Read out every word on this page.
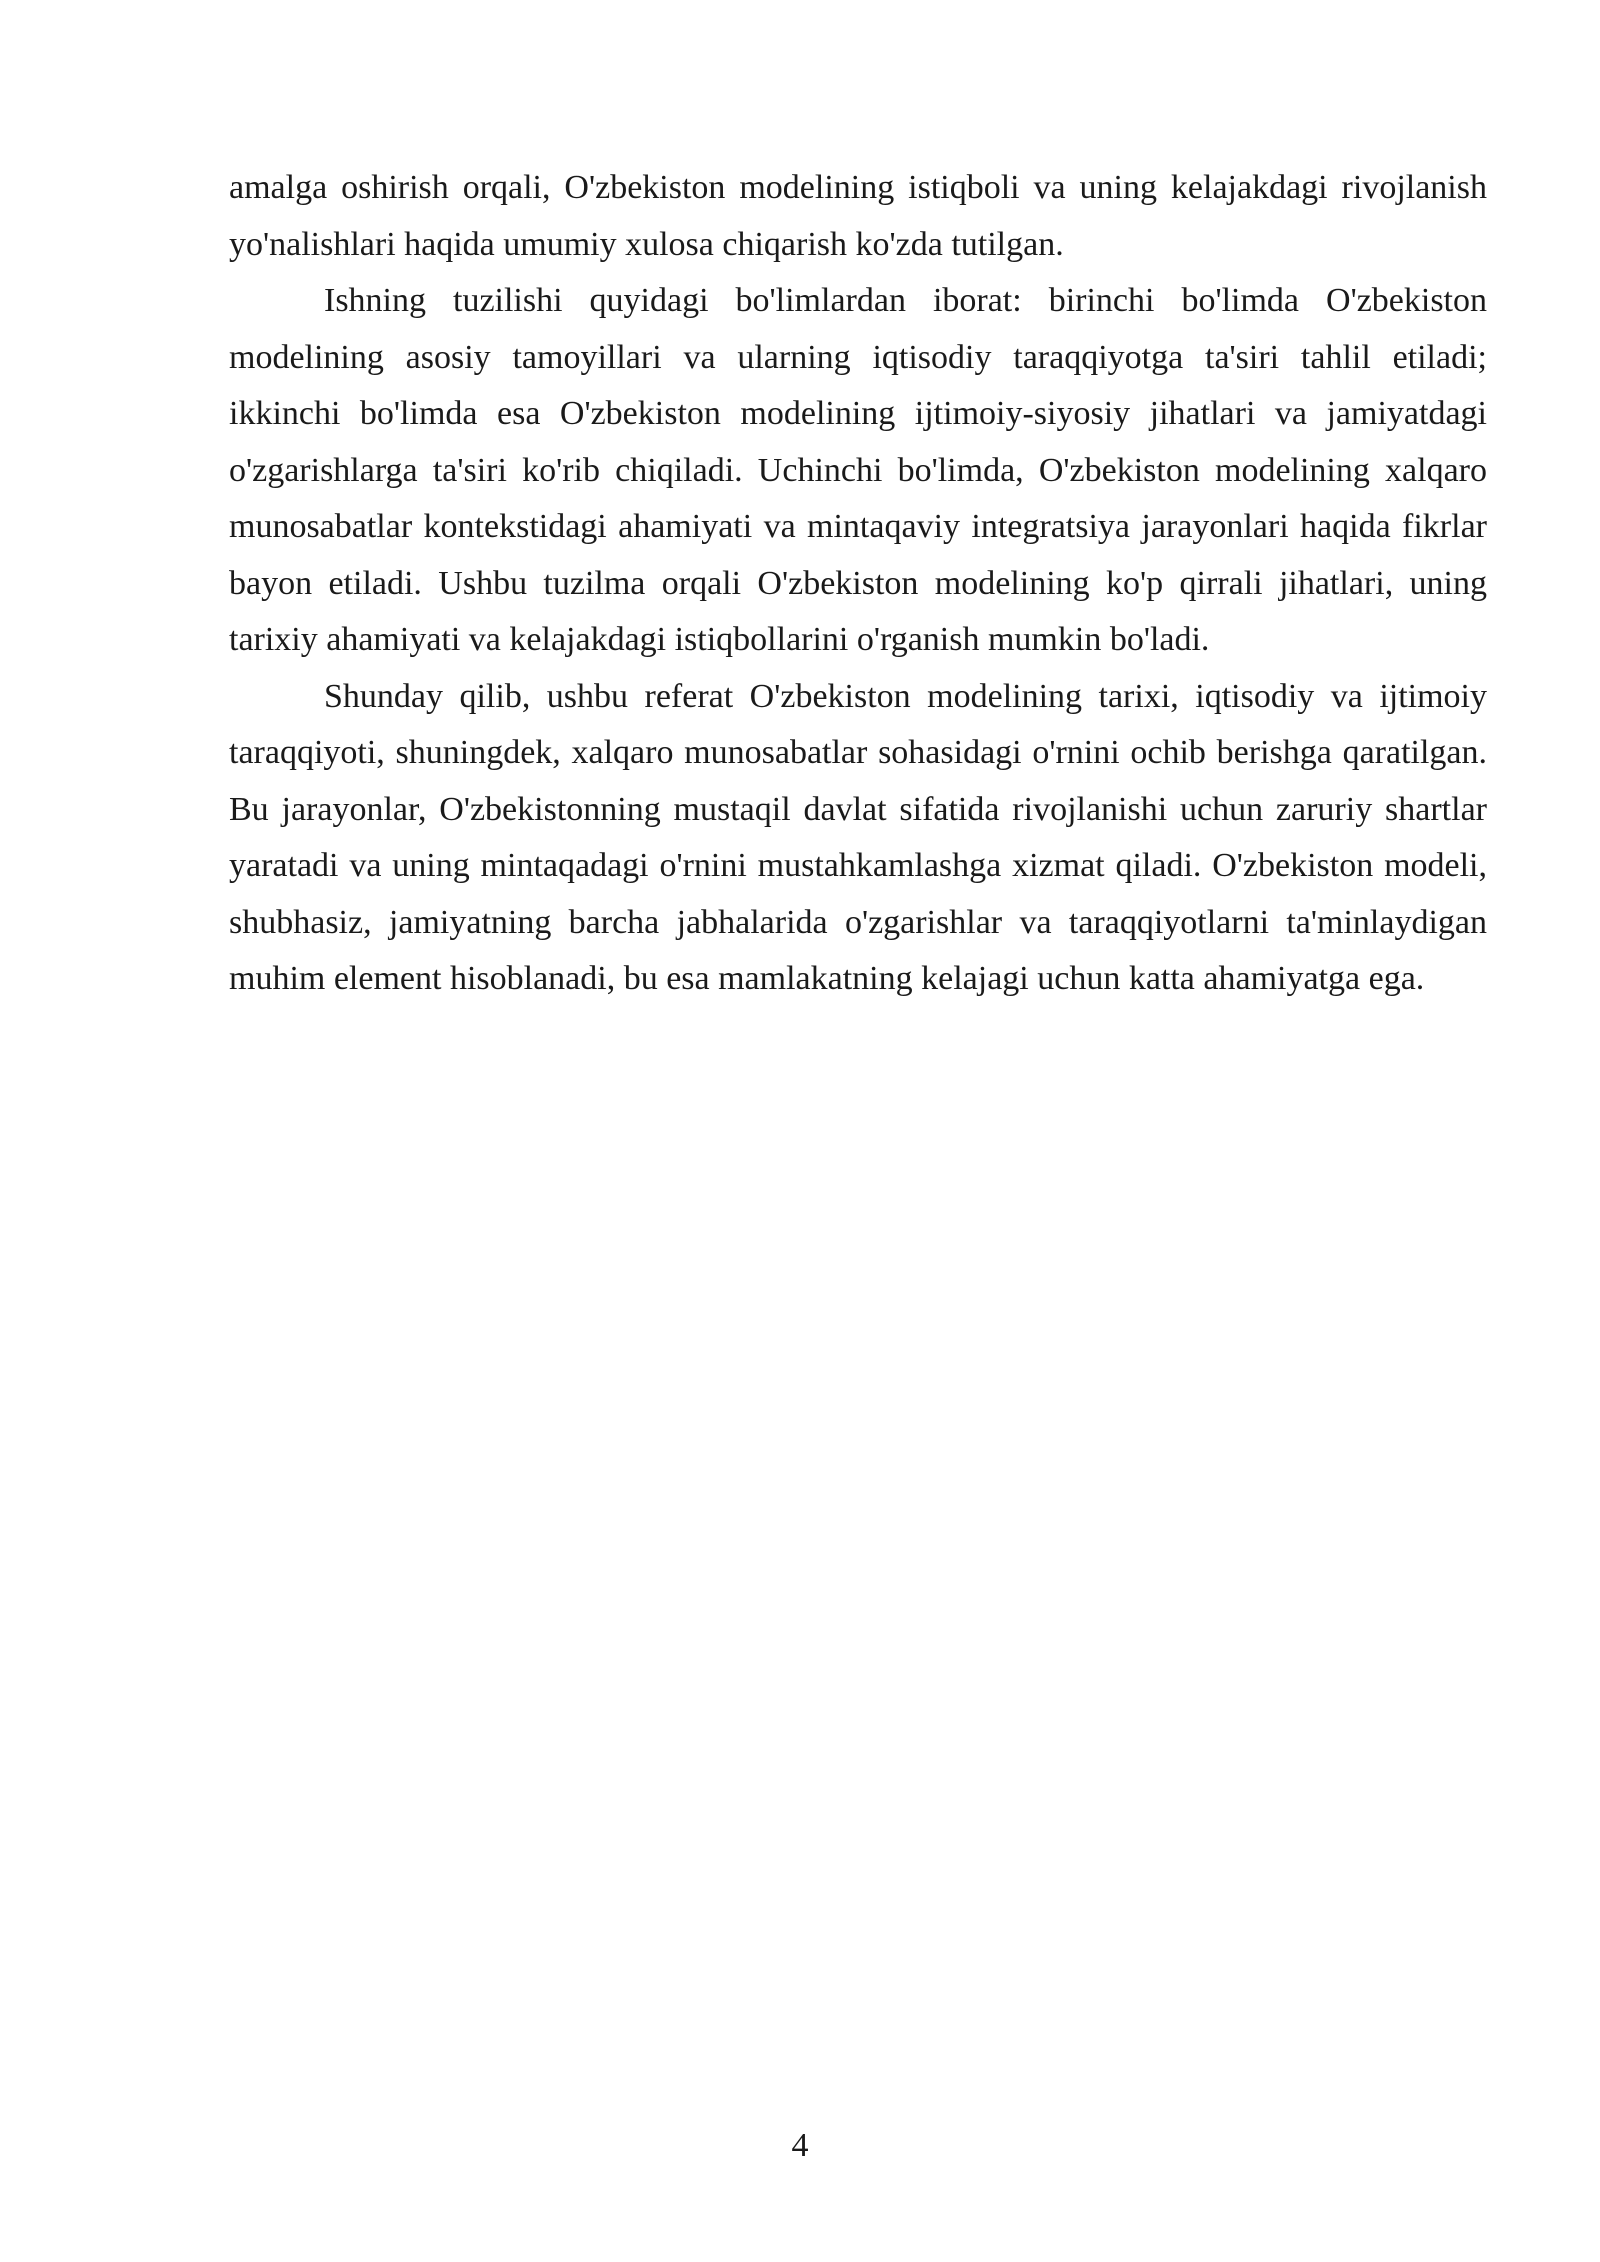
amalga oshirish orqali, O'zbekiston modelining istiqboli va uning kelajakdagi rivojlanish yo'nalishlari haqida umumiy xulosa chiqarish ko'zda tutilgan.

Ishning tuzilishi quyidagi bo'limlardan iborat: birinchi bo'limda O'zbekiston modelining asosiy tamoyillari va ularning iqtisodiy taraqqiyotga ta'siri tahlil etiladi; ikkinchi bo'limda esa O'zbekiston modelining ijtimoiy-siyosiy jihatlari va jamiyatdagi o'zgarishlarga ta'siri ko'rib chiqiladi. Uchinchi bo'limda, O'zbekiston modelining xalqaro munosabatlar kontekstidagi ahamiyati va mintaqaviy integratsiya jarayonlari haqida fikrlar bayon etiladi. Ushbu tuzilma orqali O'zbekiston modelining ko'p qirrali jihatlari, uning tarixiy ahamiyati va kelajakdagi istiqbollarini o'rganish mumkin bo'ladi.

Shunday qilib, ushbu referat O'zbekiston modelining tarixi, iqtisodiy va ijtimoiy taraqqiyoti, shuningdek, xalqaro munosabatlar sohasidagi o'rnini ochib berishga qaratilgan. Bu jarayonlar, O'zbekistonning mustaqil davlat sifatida rivojlanishi uchun zaruriy shartlar yaratadi va uning mintaqadagi o'rnini mustahkamlashga xizmat qiladi. O'zbekiston modeli, shubhasiz, jamiyatning barcha jabhalarida o'zgarishlar va taraqqiyotlarni ta'minlaydigan muhim element hisoblanadi, bu esa mamlakatning kelajagi uchun katta ahamiyatga ega.

4
